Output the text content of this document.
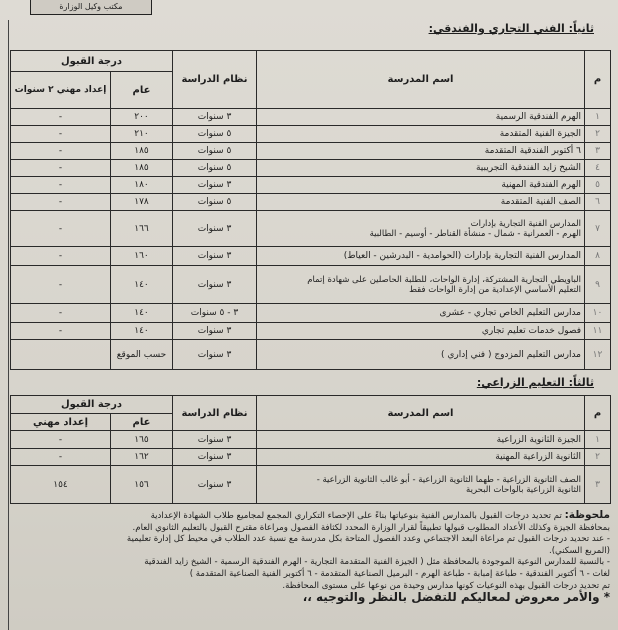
مكتب وكيل الوزارة
ثانياً: الفني التجاري والفندقي:
م	اسم المدرسة	نظام الدراسة	درجة القبول	
			عام	إعداد مهني ٢ سنوات
١	الهرم الفندقية الرسمية	٣ سنوات	٢٠٠	-
٢	الجيزة الفنية المتقدمة	٥ سنوات	٢١٠	-
٣	٦ أكتوبر الفندقية المتقدمة	٥ سنوات	١٨٥	-
٤	الشيخ زايد الفندقية التجريبية	٥ سنوات	١٨٥	-
٥	الهرم الفندقية المهنية	٣ سنوات	١٨٠	-
٦	الصف الفنية المتقدمة	٥ سنوات	١٧٨	-
٧	المدارس الفنية التجارية بإدارات
الهرم - العمرانية - شمال - منشأة القناطر - أوسيم - الطالبية	٣ سنوات	١٦٦	-
٨	المدارس الفنية التجارية بإدارات (الحوامدية - البدرشين - العياط)	٣ سنوات	١٦٠	-
٩	الباويطي التجارية المشتركة، إدارة الواحات، للطلبة الحاصلين على شهادة إتمام
التعليم الأساسي الإعدادية من إدارة الواحات فقط	٣ سنوات	١٤٠	-
١٠	مدارس التعليم الخاص تجاري - عشرى	٣ - ٥ سنوات	١٤٠	-
١١	فصول خدمات تعليم تجاري	٣ سنوات	١٤٠	-
١٢	مدارس التعليم المزدوج ( فني إداري )	٣ سنوات	حسب الموقع	
ثالثاً: التعليم الزراعي:
م	اسم المدرسة	نظام الدراسة	درجة القبول	
			عام	إعداد مهني
١	الجيزة الثانوية الزراعية	٣ سنوات	١٦٥	-
٢	الثانوية الزراعية المهنية	٣ سنوات	١٦٢	-
٣	الصف الثانوية الزراعية - طهما الثانوية الزراعية - أبو غالب الثانوية الزراعية -
الثانوية الزراعية بالواحات البحرية	٣ سنوات	١٥٦	١٥٤

ملحوظة: تم تحديد درجات القبول بالمدارس الفنية بنوعياتها بناءً على الإحصاء التكراري المجمع لمجاميع طلاب الشهادة الإعدادية

بمحافظة الجيزة وكذلك الأعداد المطلوب قبولها تطبيقاً لقرار الوزارة المحدد لكثافة الفصول ومراعاة مقترح القبول بالتعليم الثانوي العام.

- عند تحديد درجات القبول تم مراعاة البعد الاجتماعي وعدد الفصول المتاحة بكل مدرسة مع نسبة عدد الطلاب في محيط كل إدارة تعليمية

(المربع السكني).

- بالنسبة للمدارس النوعية الموجودة بالمحافظة مثل ( الجيزة الفنية المتقدمة التجارية - الهرم الفندقية الرسمية - الشيخ زايد الفندقية

لغات - ٦ أكتوبر الفندقية - طباعة إمبابة - طباعة الهرم - البرميل الصناعية المتقدمة - ٦ أكتوبر الفنية الصناعية المتقدمة )

تم تحديد درجات القبول بهذه النوعيات كونها مدارس وحيدة من نوعها على مستوى المحافظة.

* والأمر معروض لمعاليكم للتفضل بالنظر والتوجيه ،،
